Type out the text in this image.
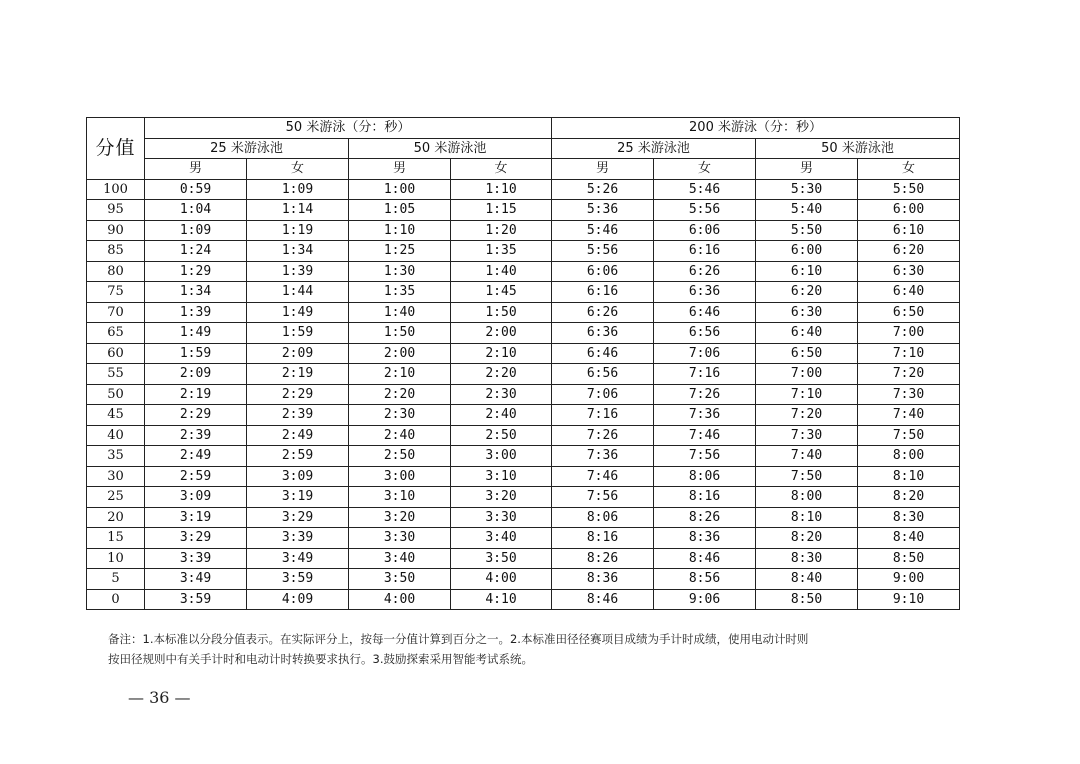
分值	50 米游泳（分：秒）				200 米游泳（分：秒）			
	25 米游泳池		50 米游泳池		25 米游泳池		50 米游泳池	
	男	女	男	女	男	女	男	女
100	0:59	1:09	1:00	1:10	5:26	5:46	5:30	5:50
95	1:04	1:14	1:05	1:15	5:36	5:56	5:40	6:00
90	1:09	1:19	1:10	1:20	5:46	6:06	5:50	6:10
85	1:24	1:34	1:25	1:35	5:56	6:16	6:00	6:20
80	1:29	1:39	1:30	1:40	6:06	6:26	6:10	6:30
75	1:34	1:44	1:35	1:45	6:16	6:36	6:20	6:40
70	1:39	1:49	1:40	1:50	6:26	6:46	6:30	6:50
65	1:49	1:59	1:50	2:00	6:36	6:56	6:40	7:00
60	1:59	2:09	2:00	2:10	6:46	7:06	6:50	7:10
55	2:09	2:19	2:10	2:20	6:56	7:16	7:00	7:20
50	2:19	2:29	2:20	2:30	7:06	7:26	7:10	7:30
45	2:29	2:39	2:30	2:40	7:16	7:36	7:20	7:40
40	2:39	2:49	2:40	2:50	7:26	7:46	7:30	7:50
35	2:49	2:59	2:50	3:00	7:36	7:56	7:40	8:00
30	2:59	3:09	3:00	3:10	7:46	8:06	7:50	8:10
25	3:09	3:19	3:10	3:20	7:56	8:16	8:00	8:20
20	3:19	3:29	3:20	3:30	8:06	8:26	8:10	8:30
15	3:29	3:39	3:30	3:40	8:16	8:36	8:20	8:40
10	3:39	3:49	3:40	3:50	8:26	8:46	8:30	8:50
5	3:49	3:59	3:50	4:00	8:36	8:56	8:40	9:00
0	3:59	4:09	4:00	4:10	8:46	9:06	8:50	9:10
备注：1.本标准以分段分值表示。在实际评分上，按每一分值计算到百分之一。2.本标准田径径赛项目成绩为手计时成绩，使用电动计时则
按田径规则中有关手计时和电动计时转换要求执行。3.鼓励探索采用智能考试系统。
— 36 —
